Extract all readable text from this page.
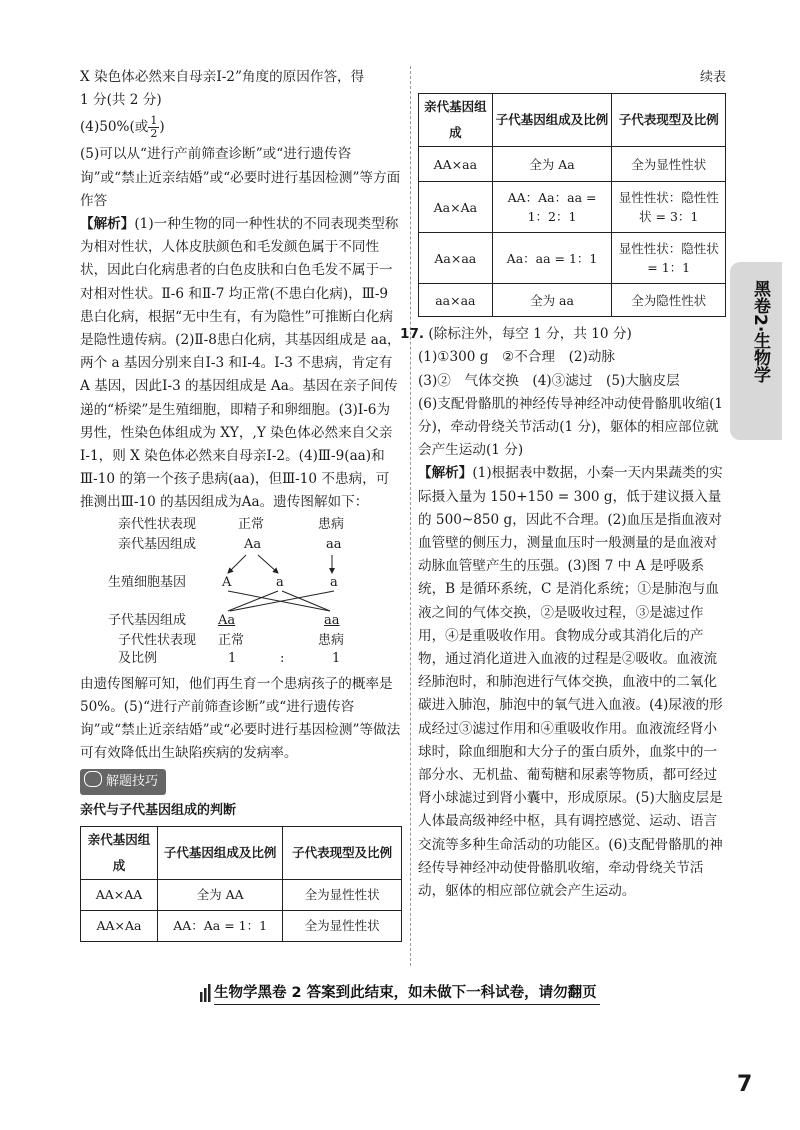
X 染色体必然来自母亲Ⅰ-2”角度的原因作答，得

1 分(共 2 分)

(4)50%(或 $\frac{1}{2}$ )

(5)可以从“进行产前筛查诊断”或“进行遗传咨询”或“禁止近亲结婚”或“必要时进行基因检测”等方面作答

【解析】(1)一种生物的同一种性状的不同表现类型称为相对性状，人体皮肤颜色和毛发颜色属于不同性状，因此白化病患者的白色皮肤和白色毛发不属于一对相对性状。Ⅱ-6 和Ⅱ-7 均正常(不患白化病)，Ⅲ-9 患白化病，根据“无中生有，有为隐性”可推断白化病是隐性遗传病。(2)Ⅱ-8患白化病，其基因组成是 aa，两个 a 基因分别来自Ⅰ-3 和Ⅰ-4。Ⅰ-3 不患病，肯定有 A 基因，因此Ⅰ-3 的基因组成是 Aa。基因在亲子间传递的“桥梁”是生殖细胞，即精子和卵细胞。(3)Ⅰ-6为男性，性染色体组成为 XY，,Y 染色体必然来自父亲Ⅰ-1，则 X 染色体必然来自母亲Ⅰ-2。(4)Ⅲ-9(aa)和Ⅲ-10 的第一个孩子患病(aa)，但Ⅲ-10 不患病，可推测出Ⅲ-10 的基因组成为Aa。遗传图解如下：

亲代性状表现	正常	患病
亲代基因组成	Aa	aa
生殖细胞基因	A	a	a
子代基因组成 Aa	aa
子代性状表现
及比例
正常	患病
1	:	1

由遗传图解可知，他们再生育一个患病孩子的概率是 50%。(5)“进行产前筛查诊断”或“进行遗传咨询”或“禁止近亲结婚”或“必要时进行基因检测”等做法可有效降低出生缺陷疾病的发病率。

解题技巧
亲代与子代基因组成的判断
亲代基因组成	子代基因组成及比例	子代表现型及比例
AA×AA	全为 AA	全为显性性状
AA×Aa	AA：Aa = 1：1	全为显性性状
续表
亲代基因组成	子代基因组成及比例	子代表现型及比例
AA×aa	全为 Aa	全为显性性状
Aa×Aa	AA：Aa：aa = 1：2：1	显性性状：隐性性状 = 3：1
Aa×aa	Aa：aa = 1：1	显性性状：隐性状 = 1：1
aa×aa	全为 aa	全为隐性性状

17. (除标注外，每空 1 分，共 10 分)

(1)①300 g　②不合理　(2)动脉

(3)②　气体交换　(4)③滤过　(5)大脑皮层

(6)支配骨骼肌的神经传导神经冲动使骨骼肌收缩(1 分)，牵动骨绕关节活动(1 分)，躯体的相应部位就会产生运动(1 分)

【解析】(1)根据表中数据，小秦一天内果蔬类的实际摄入量为 150+150 = 300 g，低于建议摄入量的 500~850 g，因此不合理。(2)血压是指血液对血管壁的侧压力，测量血压时一般测量的是血液对动脉血管壁产生的压强。(3)图 7 中 A 是呼吸系统，B 是循环系统，C 是消化系统；①是肺泡与血液之间的气体交换，②是吸收过程，③是滤过作用，④是重吸收作用。食物成分或其消化后的产物，通过消化道进入血液的过程是②吸收。血液流经肺泡时，和肺泡进行气体交换，血液中的二氧化碳进入肺泡，肺泡中的氧气进入血液。(4)尿液的形成经过③滤过作用和④重吸收作用。血液流经肾小球时，除血细胞和大分子的蛋白质外，血浆中的一部分水、无机盐、葡萄糖和尿素等物质，都可经过肾小球滤过到肾小囊中，形成原尿。(5)大脑皮层是人体最高级神经中枢，具有调控感觉、运动、语言交流等多种生命活动的功能区。(6)支配骨骼肌的神经传导神经冲动使骨骼肌收缩，牵动骨绕关节活动，躯体的相应部位就会产生运动。

黑卷2·生物学
生物学黑卷 2 答案到此结束，如未做下一科试卷，请勿翻页
7
